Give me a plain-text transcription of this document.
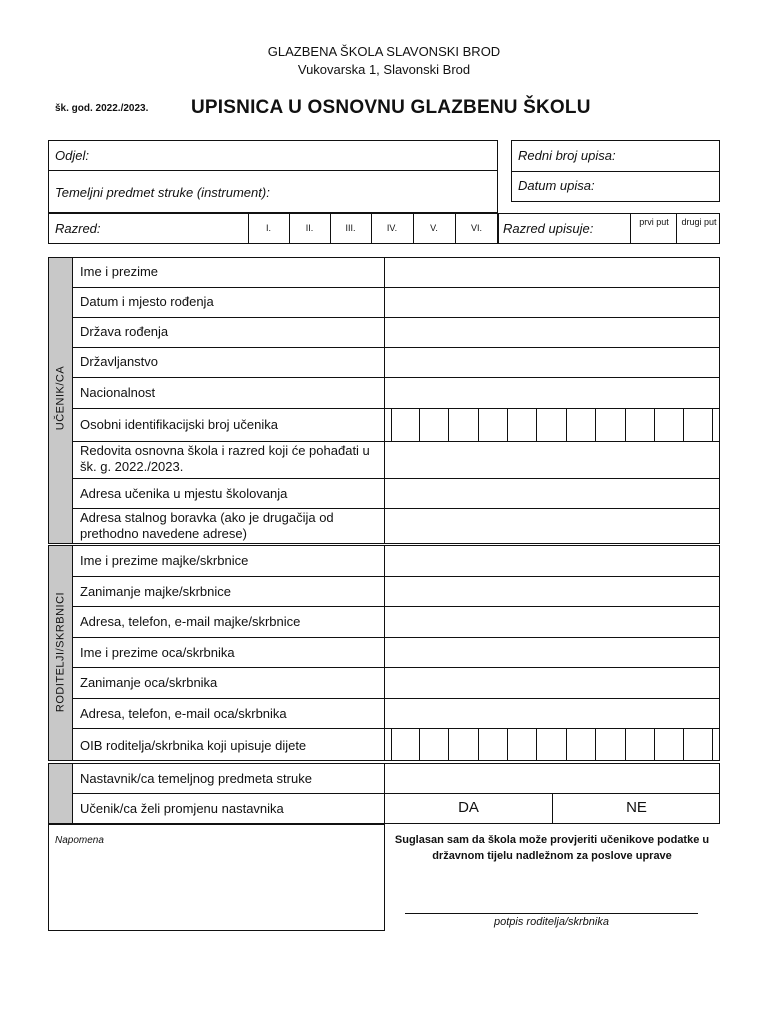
GLAZBENA ŠKOLA SLAVONSKI BROD
Vukovarska 1, Slavonski Brod
šk. god. 2022./2023. UPISNICA U OSNOVNU GLAZBENU ŠKOLU
Odjel:
Temeljni predmet struke (instrument):
Redni broj upisa:
Datum upisa:
Razred:	I.	II.	III.	IV.	V.	VI.	Razred upisuje:	prvi put	drugi put
UČENIK/CA
Ime i prezime
Datum i mjesto rođenja
Država rođenja
Državljanstvo
Nacionalnost
Osobni identifikacijski broj učenika
Redovita osnovna škola i razred koji će pohađati u šk. g. 2022./2023.
Adresa učenika u mjestu školovanja
Adresa stalnog boravka (ako je drugačija od prethodno navedene adrese)
RODITELJI/SKRBNICI
Ime i prezime majke/skrbnice
Zanimanje majke/skrbnice
Adresa, telefon, e-mail majke/skrbnice
Ime i prezime oca/skrbnika
Zanimanje oca/skrbnika
Adresa, telefon, e-mail oca/skrbnika
OIB roditelja/skrbnika koji upisuje dijete
Nastavnik/ca temeljnog predmeta struke
Učenik/ca želi promjenu nastavnika	DA	NE
Napomena	Suglasan sam da škola može provjeriti učenikove podatke u državnom tijelu nadležnom za poslove uprave
potpis roditelja/skrbnika
